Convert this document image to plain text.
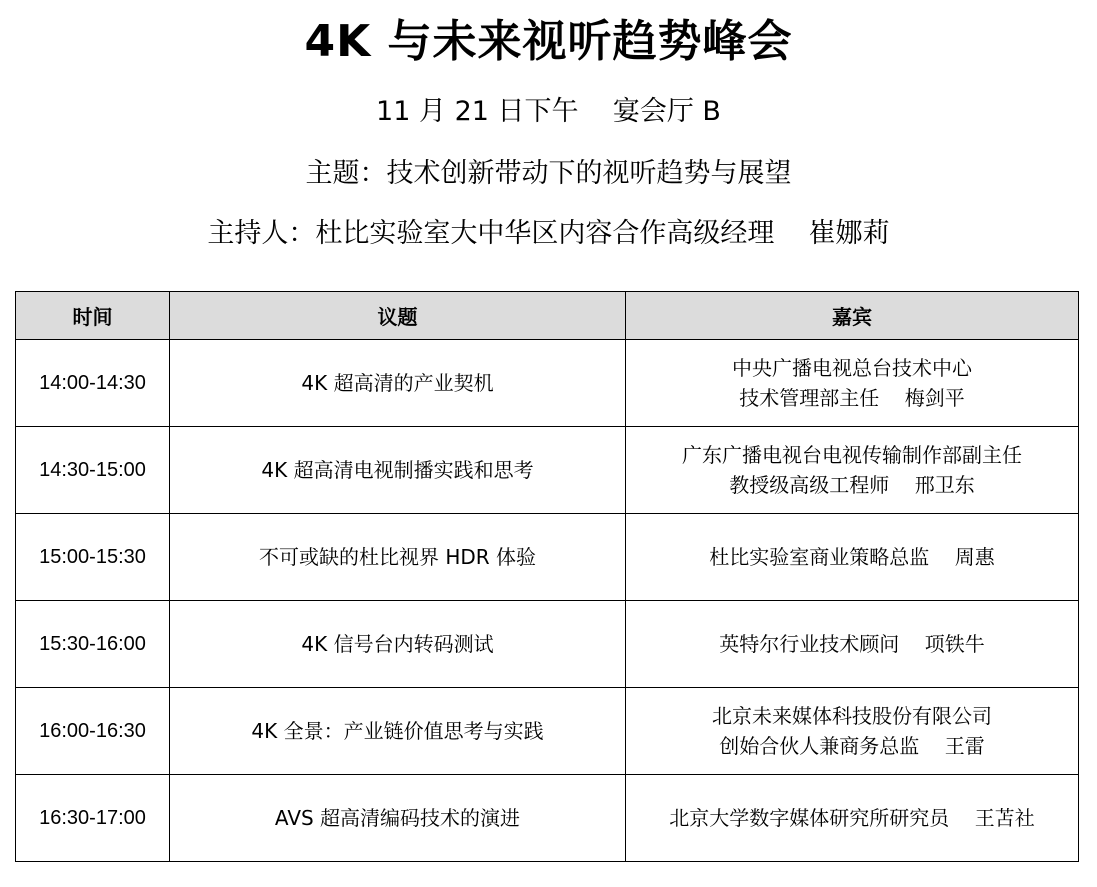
4K 与未来视听趋势峰会
11 月 21 日下午    宴会厅 B
主题：技术创新带动下的视听趋势与展望
主持人：杜比实验室大中华区内容合作高级经理    崔娜莉
时间	议题	嘉宾
14:00-14:30	4K 超高清的产业契机	中央广播电视总台技术中心
技术管理部主任    梅剑平

14:30-15:00	4K 超高清电视制播实践和思考	广东广播电视台电视传输制作部副主任
教授级高级工程师    邢卫东

15:00-15:30	不可或缺的杜比视界 HDR 体验	杜比实验室商业策略总监    周惠

15:30-16:00	4K 信号台内转码测试	英特尔行业技术顾问    项铁牛

16:00-16:30	4K 全景：产业链价值思考与实践	北京未来媒体科技股份有限公司
创始合伙人兼商务总监    王雷

16:30-17:00	AVS 超高清编码技术的演进	北京大学数字媒体研究所研究员    王苫社
